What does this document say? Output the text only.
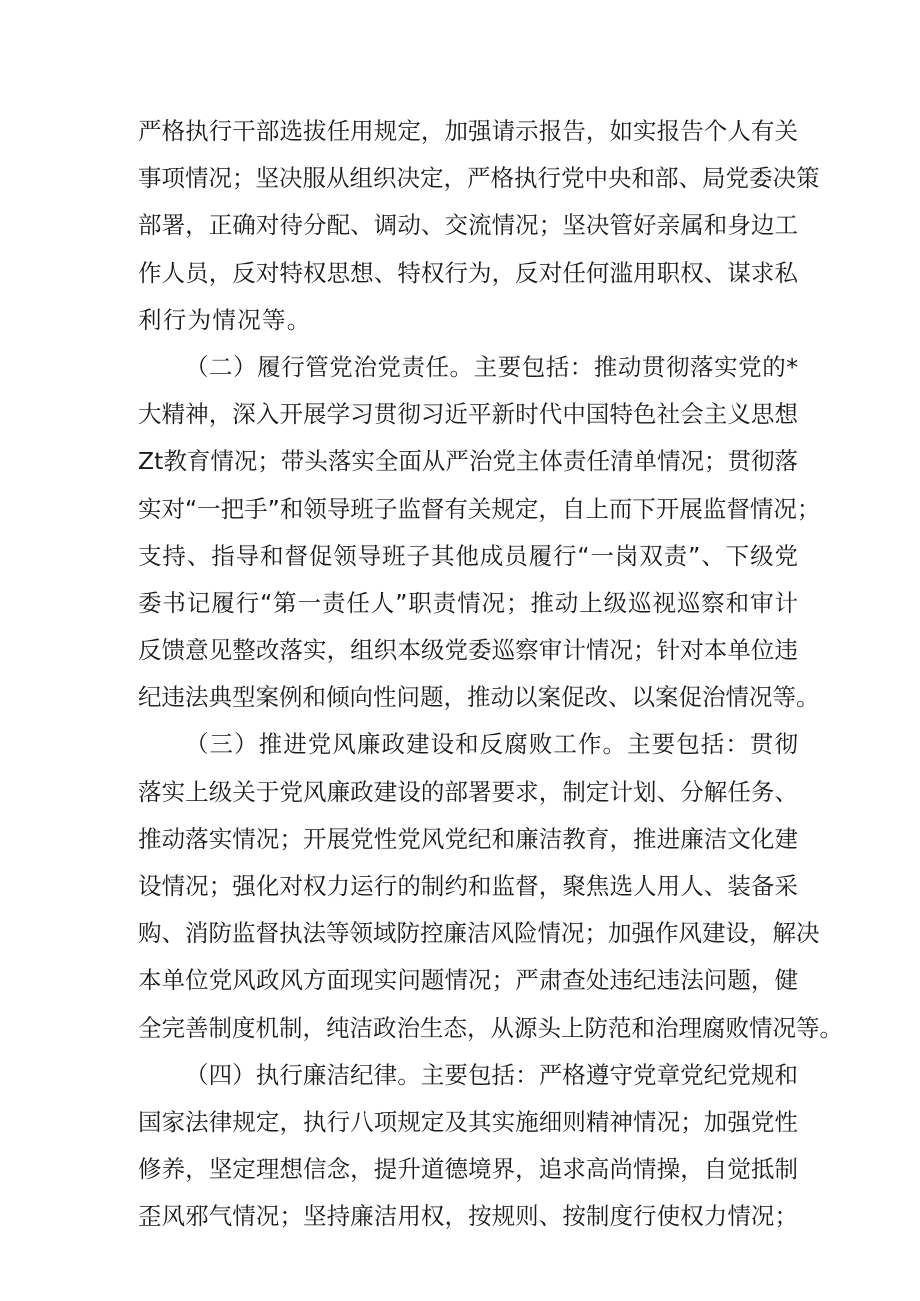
严格执行干部选拔任用规定，加强请示报告，如实报告个人有关
事项情况；坚决服从组织决定，严格执行党中央和部、局党委决策
部署，正确对待分配、调动、交流情况；坚决管好亲属和身边工
作人员，反对特权思想、特权行为，反对任何滥用职权、谋求私
利行为情况等。
（二）履行管党治党责任。主要包括：推动贯彻落实党的*
大精神，深入开展学习贯彻习近平新时代中国特色社会主义思想
Zt教育情况；带头落实全面从严治党主体责任清单情况；贯彻落
实对“一把手”和领导班子监督有关规定，自上而下开展监督情况；
支持、指导和督促领导班子其他成员履行“一岗双责”、下级党
委书记履行“第一责任人”职责情况；推动上级巡视巡察和审计
反馈意见整改落实，组织本级党委巡察审计情况；针对本单位违
纪违法典型案例和倾向性问题，推动以案促改、以案促治情况等。
（三）推进党风廉政建设和反腐败工作。主要包括：贯彻
落实上级关于党风廉政建设的部署要求，制定计划、分解任务、
推动落实情况；开展党性党风党纪和廉洁教育，推进廉洁文化建
设情况；强化对权力运行的制约和监督，聚焦选人用人、装备采
购、消防监督执法等领域防控廉洁风险情况；加强作风建设，解决
本单位党风政风方面现实问题情况；严肃查处违纪违法问题，健
全完善制度机制，纯洁政治生态，从源头上防范和治理腐败情况等。
（四）执行廉洁纪律。主要包括：严格遵守党章党纪党规和
国家法律规定，执行八项规定及其实施细则精神情况；加强党性
修养，坚定理想信念，提升道德境界，追求高尚情操，自觉抵制
歪风邪气情况；坚持廉洁用权，按规则、按制度行使权力情况；
